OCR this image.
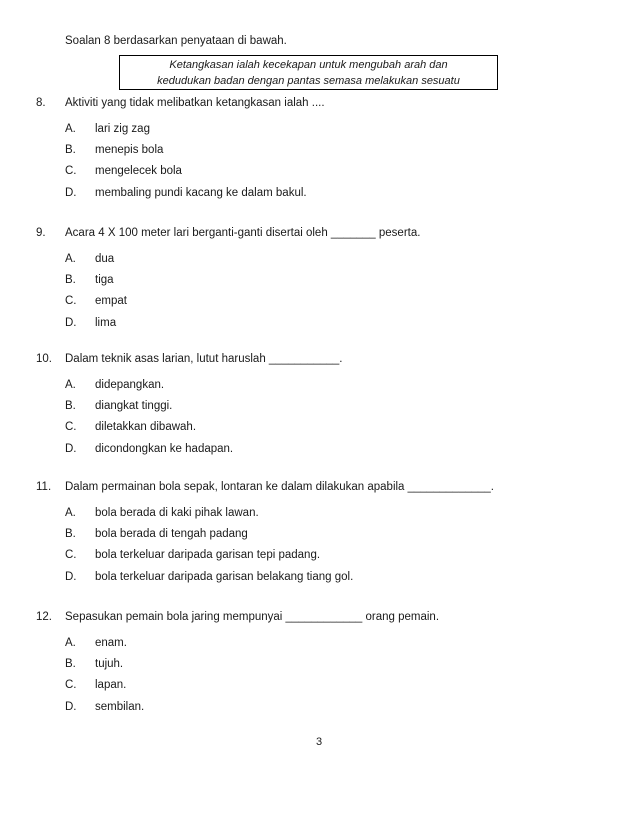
Soalan 8 berdasarkan penyataan di bawah.
Ketangkasan ialah kecekapan untuk mengubah arah dan
kedudukan badan dengan pantas semasa melakukan sesuatu
8. Aktiviti yang tidak melibatkan ketangkasan ialah ....
A. lari zig zag
B. menepis bola
C. mengelecek bola
D. membaling pundi kacang ke dalam bakul.
9. Acara 4 X 100 meter lari berganti-ganti disertai oleh _______ peserta.
A. dua
B. tiga
C. empat
D. lima
10. Dalam teknik asas larian, lutut haruslah ___________.
A. didepangkan.
B. diangkat tinggi.
C. diletakkan dibawah.
D. dicondongkan ke hadapan.
11. Dalam permainan bola sepak, lontaran ke dalam dilakukan apabila _____________.
A. bola berada di kaki pihak lawan.
B. bola berada di tengah padang
C. bola terkeluar daripada garisan tepi padang.
D. bola terkeluar daripada garisan belakang tiang gol.
12. Sepasukan pemain bola jaring mempunyai ____________ orang pemain.
A. enam.
B. tujuh.
C. lapan.
D. sembilan.
3
